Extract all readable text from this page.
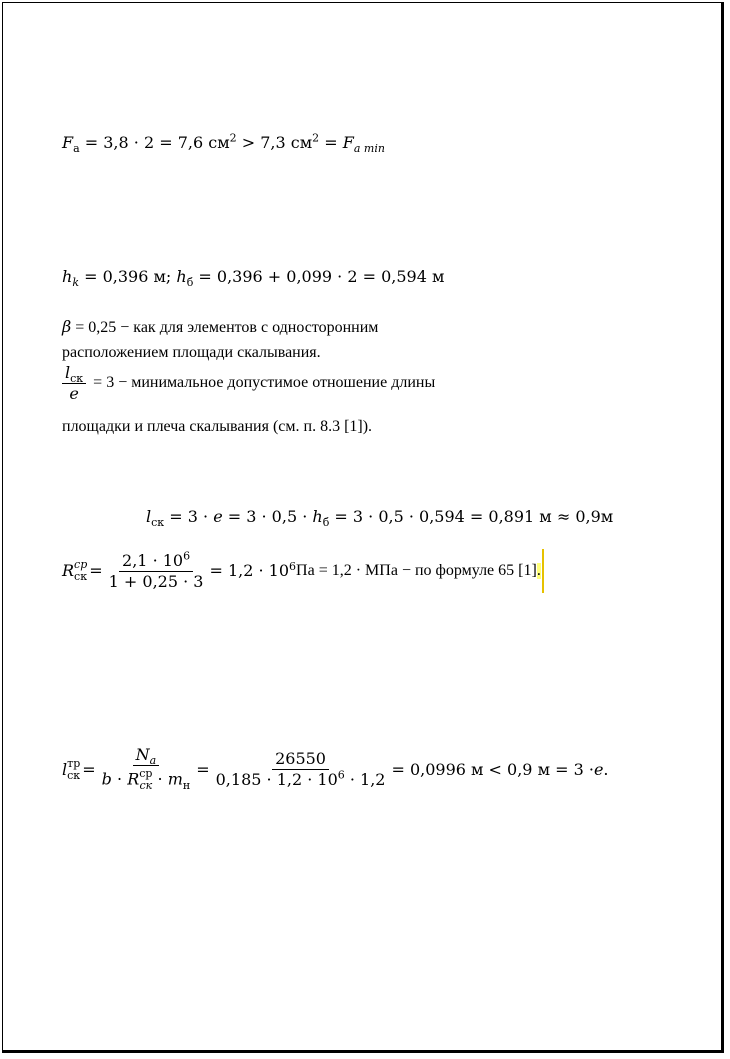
$F_а = 3,8 \cdot 2 = 7,6$ $см^2 > 7,3$ $см^2 = F_{а min}$
$h_k = 0,396$ м; $h_б = 0,396 + 0,099 \cdot 2 = 0,594$ м
β = 0,25 − как для элементов с односторонним
расположением площади скалывания.
$\frac{l_{ск}}{e} = 3$ − минимальное допустимое отношение длины
площадки и плеча скалывания (см. п. 8.3 [1]).
$l_{ск} = 3 \cdot e = 3 \cdot 0,5 \cdot h_б = 3 \cdot 0,5 \cdot 0,594 = 0,891$ м ≈ 0,9м
R ср
ск = $\frac{2,1 \cdot 10^6}{1 + 0,25 \cdot 3} = 1,2 \cdot 10^6$ Па = 1,2 · МПа − по формуле 65 [1] .
l тр
ск = $N_a$
b · R ср
ск · $m_н = \frac{26550}{0,185 \cdot 1,2 \cdot 10^6 \cdot 1,2} = 0,0996$ м < 0,9 м = 3 · e .
